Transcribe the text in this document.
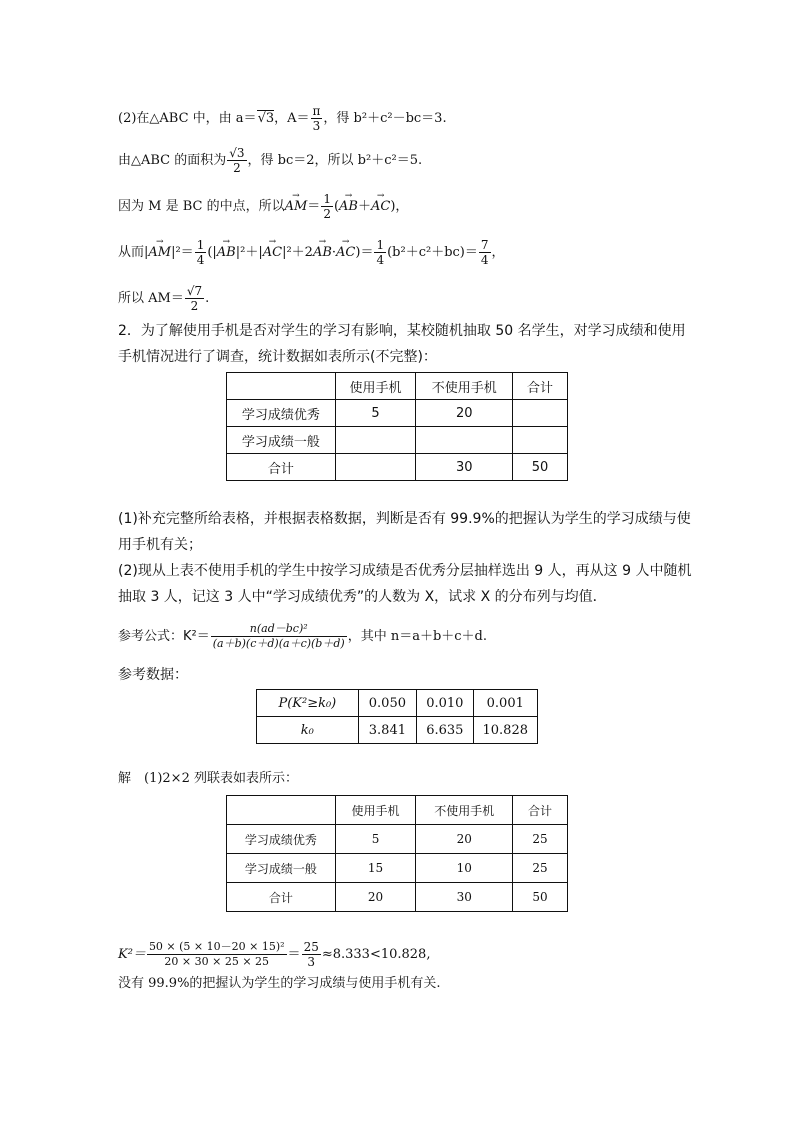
(2)在△ABC 中，由 a＝√3，$A= \frac{\pi}{3}$ ，得 b²＋c²－bc＝3.
由△ABC 的面积为 $\frac{√3}{2}$ ，得 bc＝2，所以 b²＋c²＝5.
因为 M 是 BC 的中点，所以→ $AM= \frac{1}{2}$ (→ AB＋→ AC)，
从而|→ $AM|^2= \frac{1}{4}$ (|→ $AB|^2+|\to AC|^2+2\to AB\cdot\to AC)= \frac{1}{4} (b^2+c^2+bc)= \frac{7}{4}$ ，
所以 $AM= \frac{√7}{2}$ .
2．为了解使用手机是否对学生的学习有影响，某校随机抽取 50 名学生，对学习成绩和使用
手机情况进行了调查，统计数据如表所示(不完整)：
	使用手机	不使用手机	合计
学习成绩优秀	5	20	
学习成绩一般			
合计		30	50
(1)补充完整所给表格，并根据表格数据，判断是否有 99.9%的把握认为学生的学习成绩与使
用手机有关；
(2)现从上表不使用手机的学生中按学习成绩是否优秀分层抽样选出 9 人，再从这 9 人中随机
抽取 3 人，记这 3 人中“学习成绩优秀”的人数为 X，试求 X 的分布列与均值．
参考公式：$K^2= \frac{\text{n(ad－bc)²}}{(a+b)(c+d)(a+c)(b+d)}$ ，其中 n＝a＋b＋c＋d.
参考数据：
P(K²≥k₀)	0.050	0.010	0.001
k₀	3.841	6.635	10.828
解　(1)2×2 列联表如表所示：
	使用手机	不使用手机	合计
学习成绩优秀	5	20	25
学习成绩一般	15	10	25
合计	20	30	50
$K^2= \frac{\text{50 × (5 × 10－20 × 15)²}}{20 \times 30 \times 25 \times 25} = \frac{25}{3} \approx 8.333<10.828$,
没有 99.9%的把握认为学生的学习成绩与使用手机有关.
